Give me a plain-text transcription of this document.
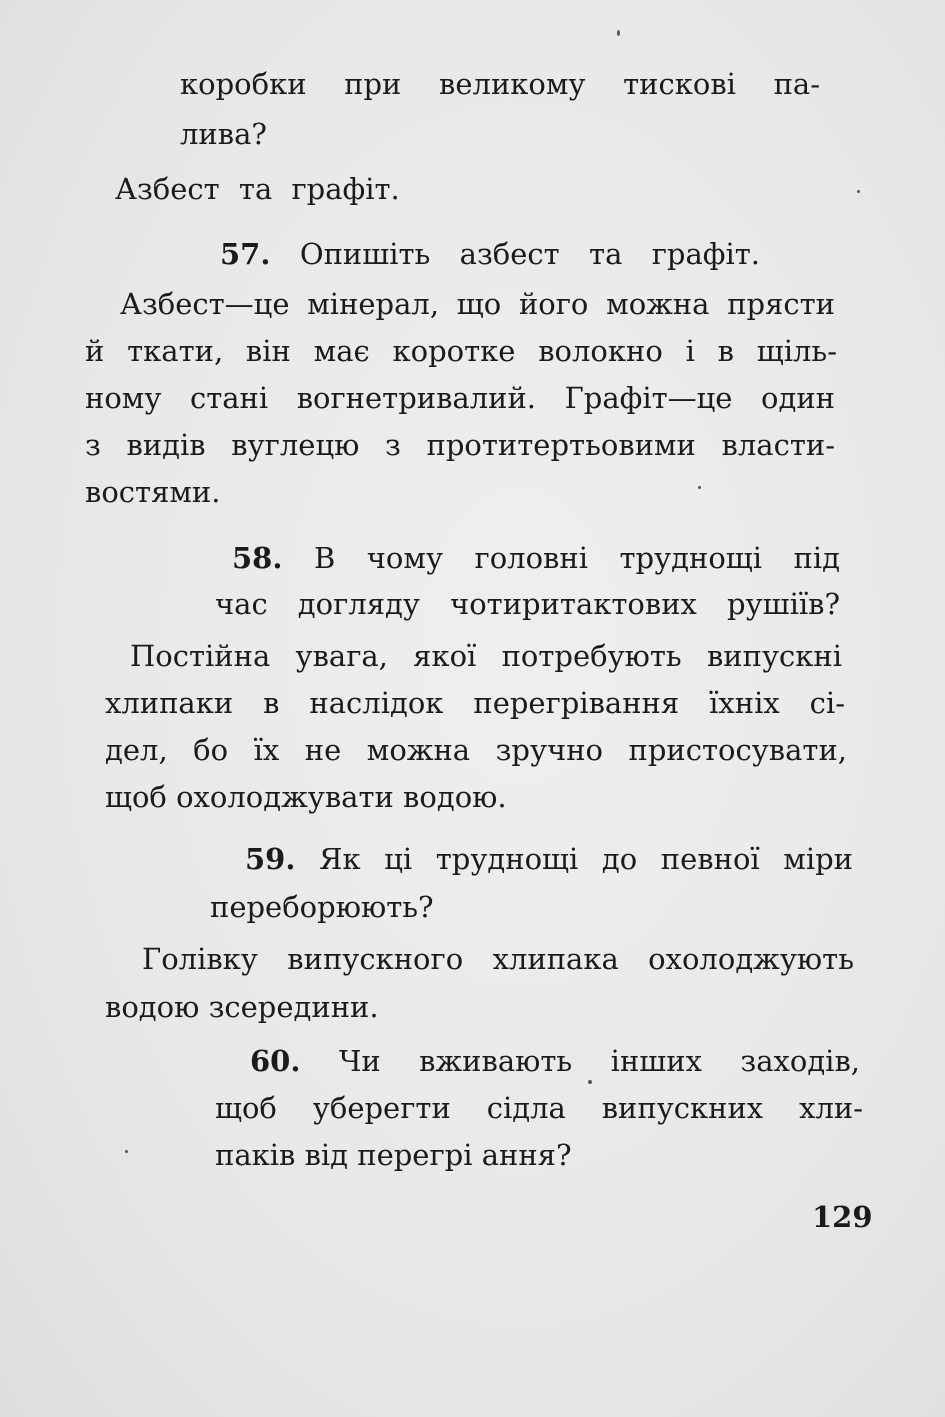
коробки при великому тискові па-
лива?
Азбест та графіт.
57. Опишіть азбест та графіт.
Азбест—це мінерал, що його можна прясти
й ткати, він має коротке волокно і в щіль-
ному стані вогнетривалий. Графіт—це один
з видів вуглецю з протитертьовими власти-
востями.
58. В чому головні труднощі під
час догляду чотиритактових рушіїв?
Постійна увага, якої потребують випускні
хлипаки в наслідок перегрівання їхніх сі-
дел, бо їх не можна зручно пристосувати,
щоб охолоджувати водою.
59. Як ці труднощі до певної міри
переборюють?
Голівку випускного хлипака охолоджують
водою зсередини.
60. Чи вживають інших заходів,
щоб уберегти сідла випускних хли-
паків від перегрі ання?
129
